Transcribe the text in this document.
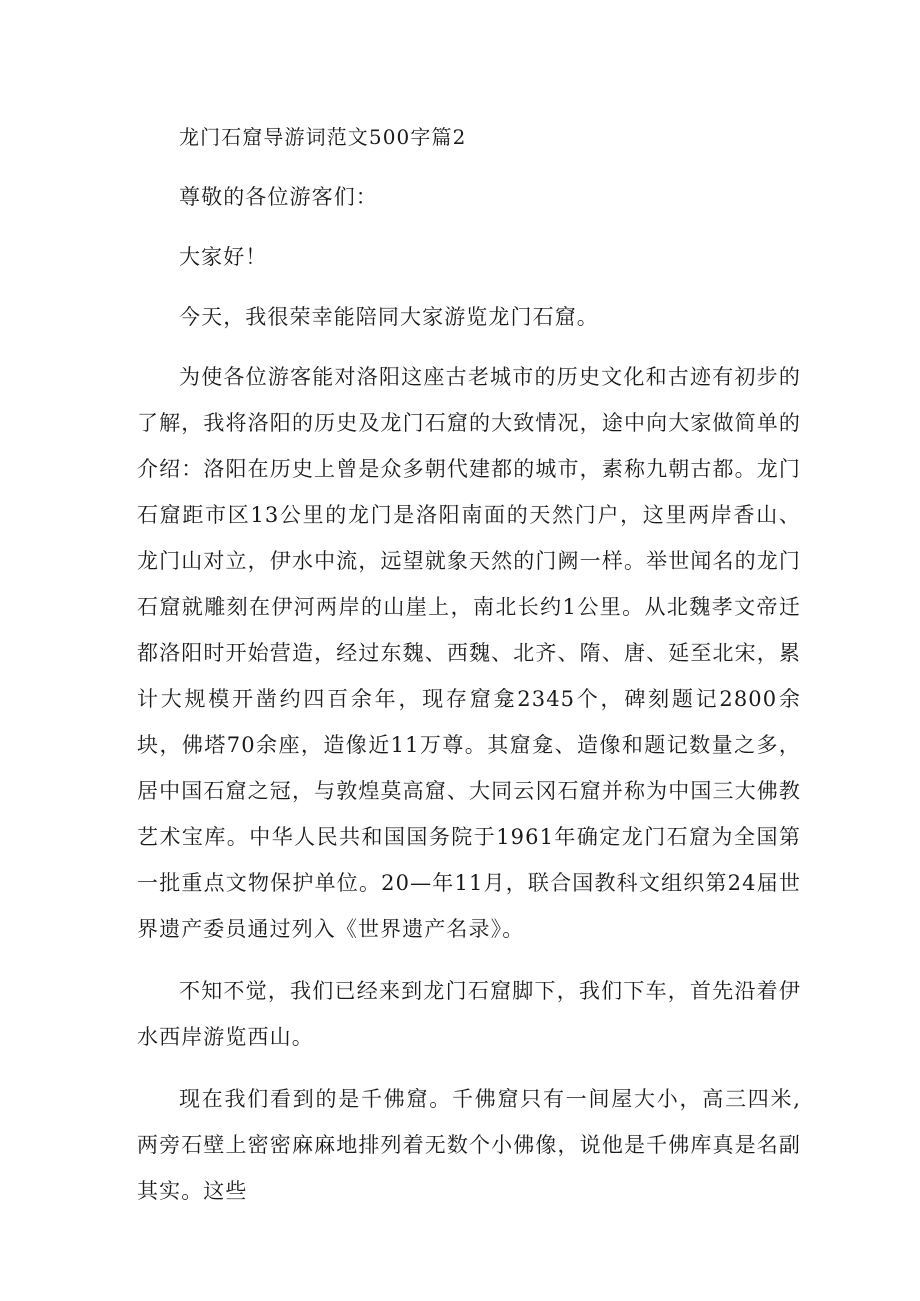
龙门石窟导游词范文500字篇2

尊敬的各位游客们：

大家好！

今天，我很荣幸能陪同大家游览龙门石窟。

为使各位游客能对洛阳这座古老城市的历史文化和古迹有初步的了解，我将洛阳的历史及龙门石窟的大致情况，途中向大家做简单的介绍：洛阳在历史上曾是众多朝代建都的城市，素称九朝古都。龙门石窟距市区13公里的龙门是洛阳南面的天然门户，这里两岸香山、龙门山对立，伊水中流，远望就象天然的门阙一样。举世闻名的龙门石窟就雕刻在伊河两岸的山崖上，南北长约1公里。从北魏孝文帝迁都洛阳时开始营造，经过东魏、西魏、北齐、隋、唐、延至北宋，累计大规模开凿约四百余年，现存窟龛2345个，碑刻题记2800余块，佛塔70余座，造像近11万尊。其窟龛、造像和题记数量之多，居中国石窟之冠，与敦煌莫高窟、大同云冈石窟并称为中国三大佛教艺术宝库。中华人民共和国国务院于1961年确定龙门石窟为全国第一批重点文物保护单位。20—年11月，联合国教科文组织第24届世界遗产委员通过列入《世界遗产名录》。

不知不觉，我们已经来到龙门石窟脚下，我们下车，首先沿着伊水西岸游览西山。

现在我们看到的是千佛窟。千佛窟只有一间屋大小，高三四米,两旁石壁上密密麻麻地排列着无数个小佛像，说他是千佛库真是名副其实。这些
